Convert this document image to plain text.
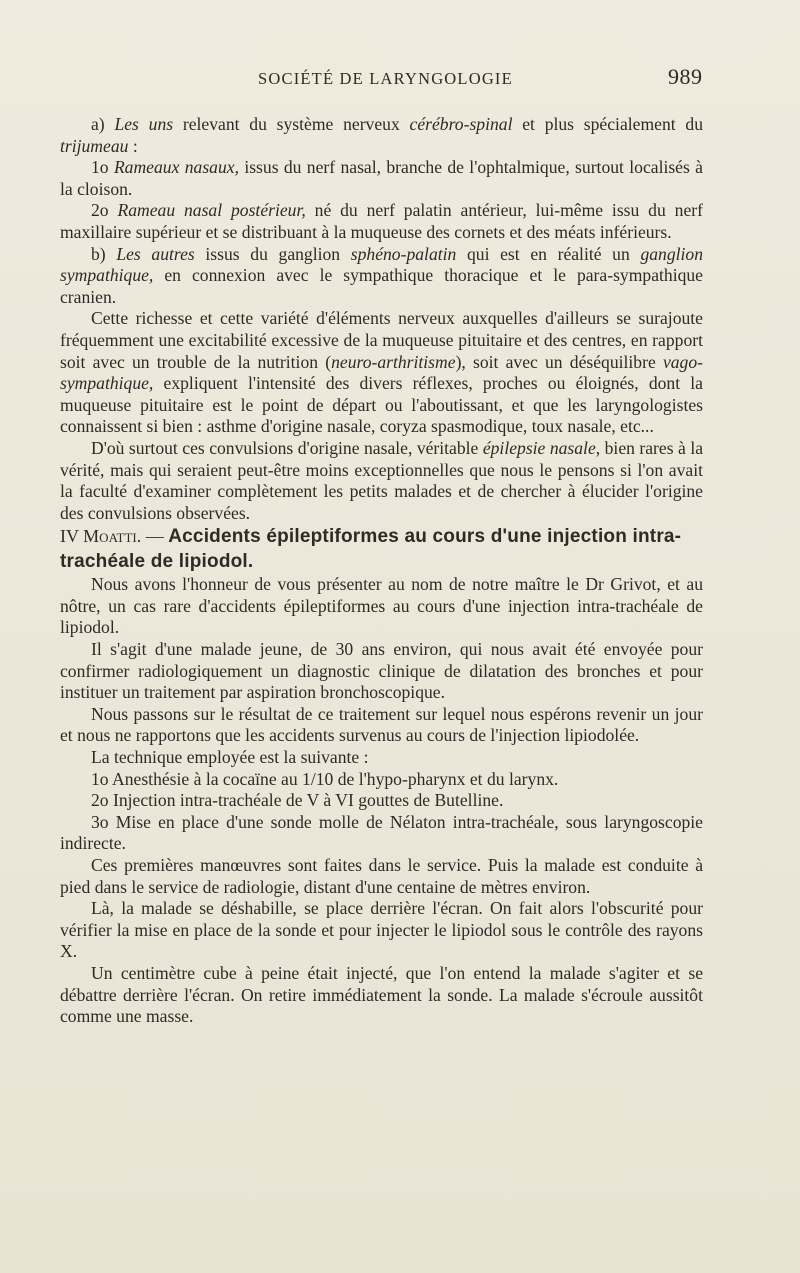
SOCIÉTÉ DE LARYNGOLOGIE	989

a) Les uns relevant du système nerveux cérébro-spinal et plus spécialement du trijumeau :

1o Rameaux nasaux, issus du nerf nasal, branche de l'ophtalmique, surtout localisés à la cloison.

2o Rameau nasal postérieur, né du nerf palatin antérieur, lui-même issu du nerf maxillaire supérieur et se distribuant à la muqueuse des cornets et des méats inférieurs.

b) Les autres issus du ganglion sphéno-palatin qui est en réalité un ganglion sympathique, en connexion avec le sympathique thoracique et le para-sympathique cranien.

Cette richesse et cette variété d'éléments nerveux auxquelles d'ailleurs se surajoute fréquemment une excitabilité excessive de la muqueuse pituitaire et des centres, en rapport soit avec un trouble de la nutrition (neuro-arthritisme), soit avec un déséquilibre vago-sympathique, expliquent l'intensité des divers réflexes, proches ou éloignés, dont la muqueuse pituitaire est le point de départ ou l'aboutissant, et que les laryngologistes connaissent si bien : asthme d'origine nasale, coryza spasmodique, toux nasale, etc...

D'où surtout ces convulsions d'origine nasale, véritable épilepsie nasale, bien rares à la vérité, mais qui seraient peut-être moins exceptionnelles que nous le pensons si l'on avait la faculté d'examiner complètement les petits malades et de chercher à élucider l'origine des convulsions observées.

IV Moatti. — Accidents épileptiformes au cours d'une injection intra-trachéale de lipiodol.

Nous avons l'honneur de vous présenter au nom de notre maître le Dr Grivot, et au nôtre, un cas rare d'accidents épileptiformes au cours d'une injection intra-trachéale de lipiodol.

Il s'agit d'une malade jeune, de 30 ans environ, qui nous avait été envoyée pour confirmer radiologiquement un diagnostic clinique de dilatation des bronches et pour instituer un traitement par aspiration bronchoscopique.

Nous passons sur le résultat de ce traitement sur lequel nous espérons revenir un jour et nous ne rapportons que les accidents survenus au cours de l'injection lipiodolée.

La technique employée est la suivante :

1o Anesthésie à la cocaïne au 1/10 de l'hypo-pharynx et du larynx.

2o Injection intra-trachéale de V à VI gouttes de Butelline.

3o Mise en place d'une sonde molle de Nélaton intra-trachéale, sous laryngoscopie indirecte.

Ces premières manœuvres sont faites dans le service. Puis la malade est conduite à pied dans le service de radiologie, distant d'une centaine de mètres environ.

Là, la malade se déshabille, se place derrière l'écran. On fait alors l'obscurité pour vérifier la mise en place de la sonde et pour injecter le lipiodol sous le contrôle des rayons X.

Un centimètre cube à peine était injecté, que l'on entend la malade s'agiter et se débattre derrière l'écran. On retire immédiatement la sonde. La malade s'écroule aussitôt comme une masse.
